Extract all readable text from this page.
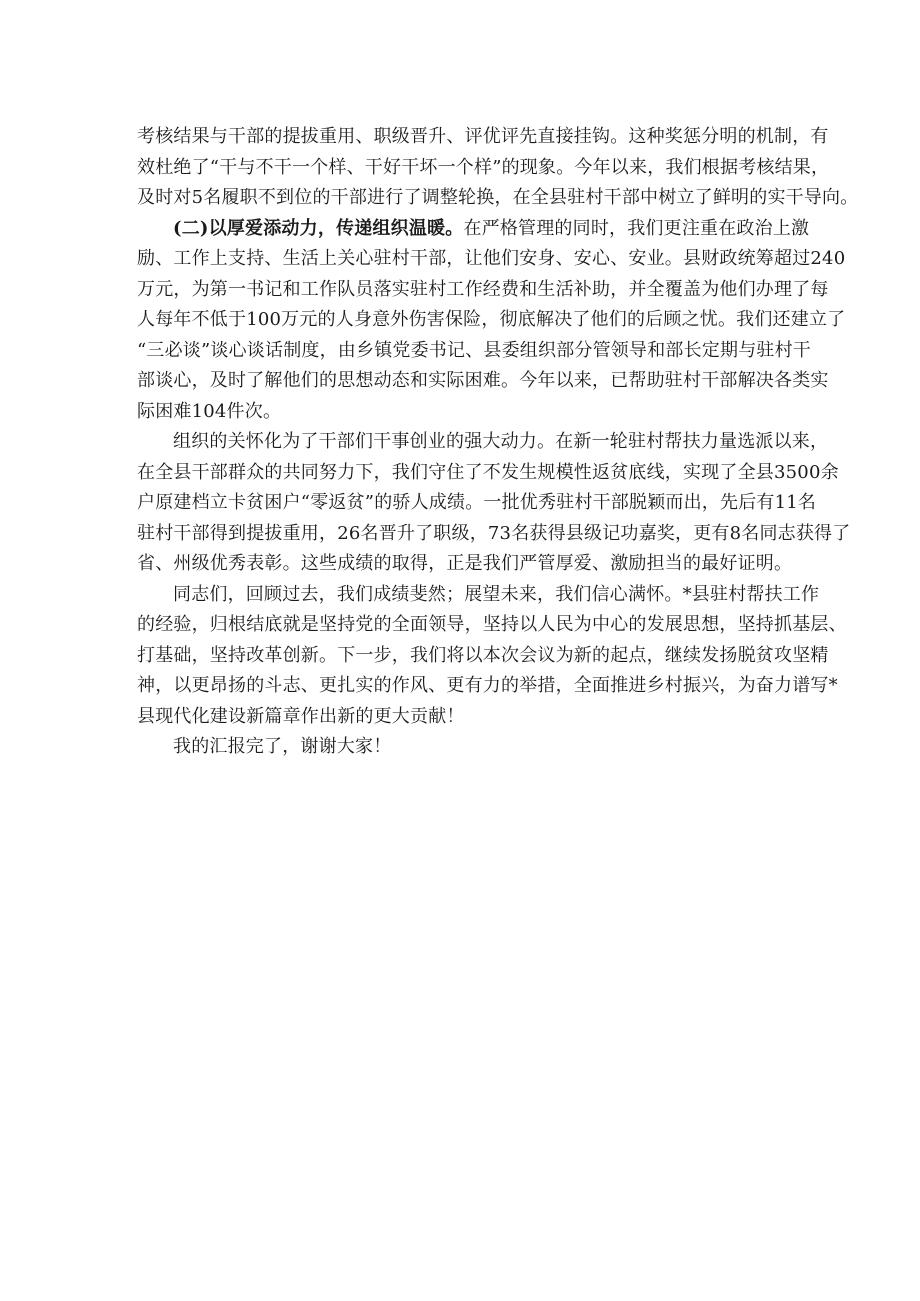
考核结果与干部的提拔重用、职级晋升、评优评先直接挂钩。这种奖惩分明的机制，有
效杜绝了“干与不干一个样、干好干坏一个样”的现象。今年以来，我们根据考核结果，
及时对5名履职不到位的干部进行了调整轮换，在全县驻村干部中树立了鲜明的实干导向。
(二)以厚爱添动力，传递组织温暖。在严格管理的同时，我们更注重在政治上激
励、工作上支持、生活上关心驻村干部，让他们安身、安心、安业。县财政统筹超过240
万元，为第一书记和工作队员落实驻村工作经费和生活补助，并全覆盖为他们办理了每
人每年不低于100万元的人身意外伤害保险，彻底解决了他们的后顾之忧。我们还建立了
“三必谈”谈心谈话制度，由乡镇党委书记、县委组织部分管领导和部长定期与驻村干
部谈心，及时了解他们的思想动态和实际困难。今年以来，已帮助驻村干部解决各类实
际困难104件次。
组织的关怀化为了干部们干事创业的强大动力。在新一轮驻村帮扶力量选派以来，
在全县干部群众的共同努力下，我们守住了不发生规模性返贫底线，实现了全县3500余
户原建档立卡贫困户“零返贫”的骄人成绩。一批优秀驻村干部脱颖而出，先后有11名
驻村干部得到提拔重用，26名晋升了职级，73名获得县级记功嘉奖，更有8名同志获得了
省、州级优秀表彰。这些成绩的取得，正是我们严管厚爱、激励担当的最好证明。
同志们，回顾过去，我们成绩斐然；展望未来，我们信心满怀。*县驻村帮扶工作
的经验，归根结底就是坚持党的全面领导，坚持以人民为中心的发展思想，坚持抓基层、
打基础，坚持改革创新。下一步，我们将以本次会议为新的起点，继续发扬脱贫攻坚精
神，以更昂扬的斗志、更扎实的作风、更有力的举措，全面推进乡村振兴，为奋力谱写*
县现代化建设新篇章作出新的更大贡献！
我的汇报完了，谢谢大家！
